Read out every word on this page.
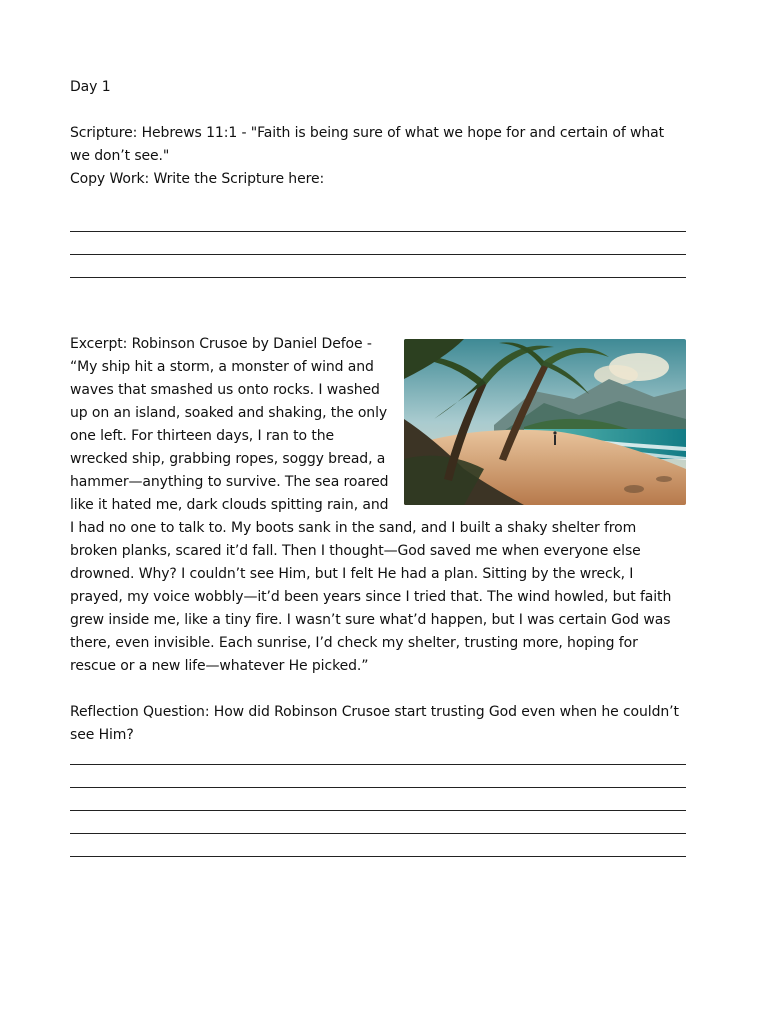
Day 1

Scripture: Hebrews 11:1 - "Faith is being sure of what we hope for and certain of what we don’t see."

Copy Work: Write the Scripture here:

Excerpt: Robinson Crusoe by Daniel Defoe - “My ship hit a storm, a monster of wind and waves that smashed us onto rocks. I washed up on an island, soaked and shaking, the only one left. For thirteen days, I ran to the wrecked ship, grabbing ropes, soggy bread, a hammer—anything to survive. The sea roared like it hated me, dark clouds spitting rain, and I had no one to talk to. My boots sank in the sand, and I built a shaky shelter from broken planks, scared it’d fall. Then I thought—God saved me when everyone else drowned. Why? I couldn’t see Him, but I felt He had a plan. Sitting by the wreck, I prayed, my voice wobbly—it’d been years since I tried that. The wind howled, but faith grew inside me, like a tiny fire. I wasn’t sure what’d happen, but I was certain God was there, even invisible. Each sunrise, I’d check my shelter, trusting more, hoping for rescue or a new life—whatever He picked.”

Reflection Question: How did Robinson Crusoe start trusting God even when he couldn’t see Him?
